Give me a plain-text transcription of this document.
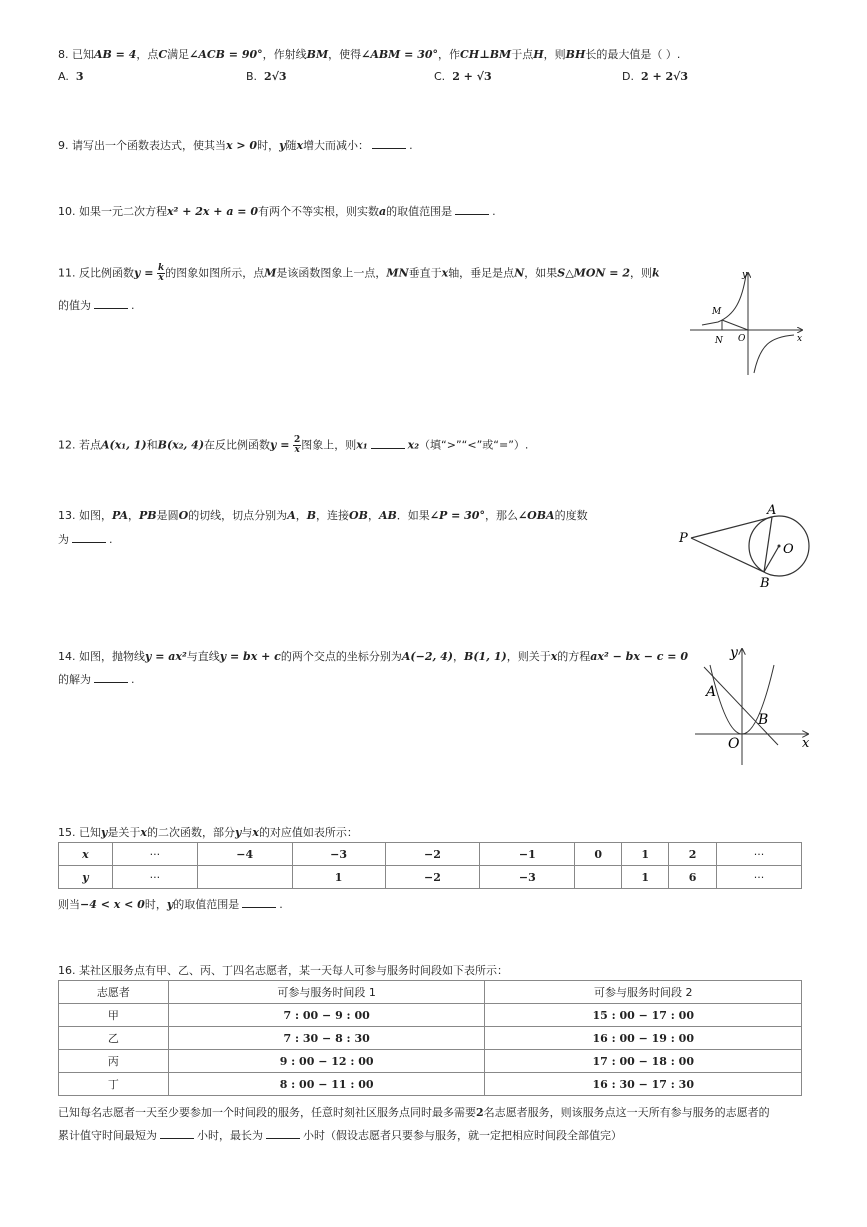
8. 已知AB = 4，点C满足∠ACB = 90°，作射线BM，使得∠ABM = 30°，作CH⊥BM于点H，则BH长的最大值是（ ）.
A. 3	B. 2√3	C. 2 + √3	D. 2 + 2√3
9. 请写出一个函数表达式，使其当x > 0时，y随x增大而减小：	.
10. 如果一元二次方程x² + 2x + a = 0有两个不等实根，则实数a的取值范围是	.
11. 反比例函数$y = \frac{k}{x}$ 的图象如图所示，点M是该函数图象上一点，MN垂直于x轴，垂足是点N，如果S△MON = 2，则k
的值为	.
y
x
M
N O
12. 若点A(x₁, 1)和B(x₂, 4)在反比例函数$y = \frac{2}{x}$ 图象上，则x₁	x₂（填“>”“<”或“=”）.
13. 如图，PA，PB是圆O的切线，切点分别为A，B，连接OB，AB．如果∠P = 30°，那么∠OBA的度数
为	.	P
A
B
O
14. 如图，抛物线y = ax²与直线y = bx + c的两个交点的坐标分别为A(−2, 4)，B(1, 1)，则关于x的方程ax² − bx − c = 0
的解为	.
y
x
A
B
O
15. 已知y是关于x的二次函数，部分y与x的对应值如表所示：
x	···	−4	−3	−2	−1	0	1	2	···
y	···		1	−2	−3		1	6	···
则当−4 < x < 0时，y的取值范围是	.
16. 某社区服务点有甲、乙、丙、丁四名志愿者，某一天每人可参与服务时间段如下表所示：
志愿者	可参与服务时间段 1	可参与服务时间段 2
甲	7 : 00 − 9 : 00	15 : 00 − 17 : 00
乙	7 : 30 − 8 : 30	16 : 00 − 19 : 00
丙	9 : 00 − 12 : 00	17 : 00 − 18 : 00
丁	8 : 00 − 11 : 00	16 : 30 − 17 : 30
已知每名志愿者一天至少要参加一个时间段的服务，任意时刻社区服务点同时最多需要2名志愿者服务，则该服务点这一天所有参与服务的志愿者的
累计值守时间最短为	小时，最长为	小时（假设志愿者只要参与服务，就一定把相应时间段全部值完）
